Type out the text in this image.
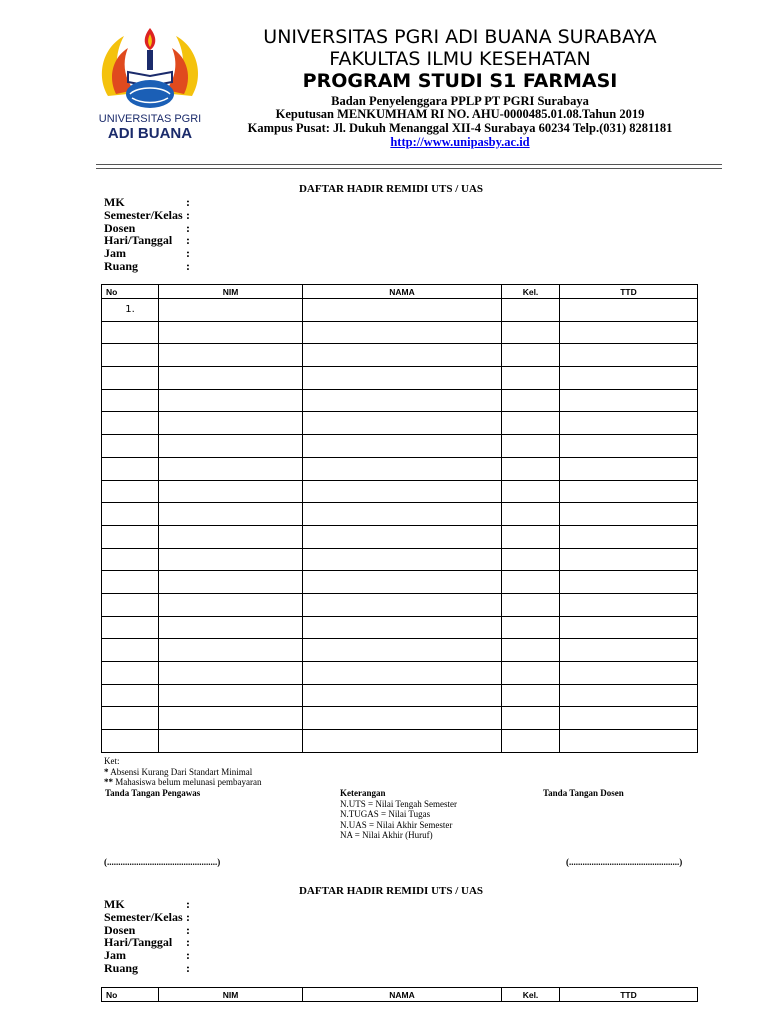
UNIVERSITAS PGRI
ADI BUANA
UNIVERSITAS PGRI ADI BUANA SURABAYA
FAKULTAS ILMU KESEHATAN
PROGRAM STUDI S1 FARMASI
Badan Penyelenggara PPLP PT PGRI Surabaya
Keputusan MENKUMHAM RI NO. AHU-0000485.01.08.Tahun 2019
Kampus Pusat: Jl. Dukuh Menanggal XII-4 Surabaya 60234 Telp.(031) 8281181
http://www.unipasby.ac.id
DAFTAR HADIR REMIDI UTS / UAS
MK	:
Semester/Kelas :
Dosen	:
Hari/Tanggal	:
Jam	:
Ruang	:
No	NIM	NAMA	Kel.	TTD
1.				

Ket:
* Absensi Kurang Dari Standart Minimal
** Mahasiswa belum melunasi pembayaran
Tanda Tangan Pengawas	Keterangan
N.UTS = Nilai Tengah Semester
N.TUGAS = Nilai Tugas
N.UAS = Nilai Akhir Semester
NA = Nilai Akhir (Huruf)
Tanda Tangan Dosen
(.................................................)	(.................................................)
DAFTAR HADIR REMIDI UTS / UAS
MK	:
Semester/Kelas :
Dosen	:
Hari/Tanggal	:
Jam	:
Ruang	:
No	NIM	NAMA	Kel.	TTD
